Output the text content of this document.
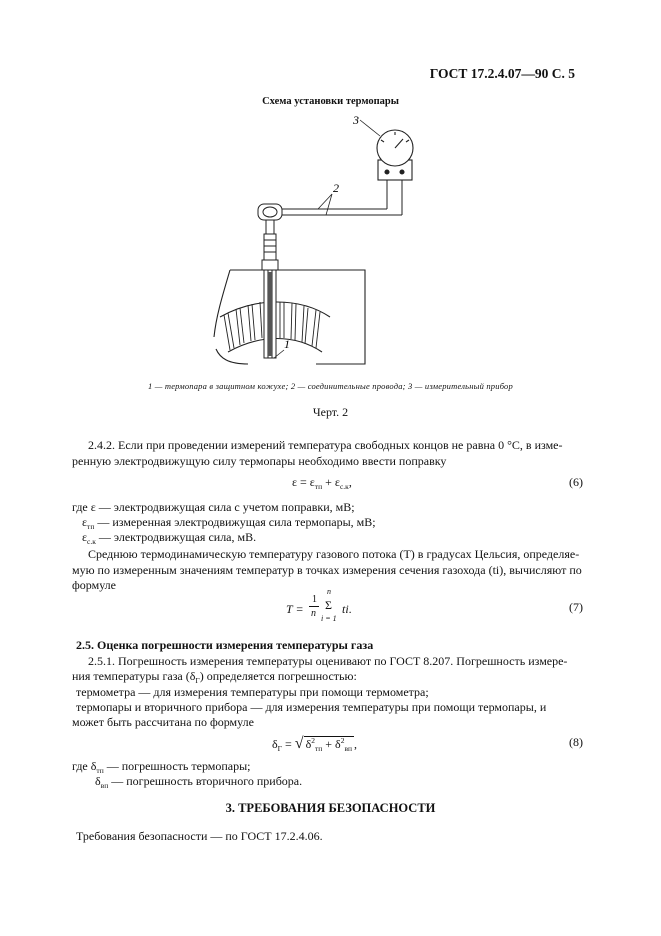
ГОСТ 17.2.4.07—90 С. 5
Схема установки термопары
3
2
1
1 — термопара в защитном кожухе; 2 — соединительные провода; 3 — измерительный прибор
Черт. 2
2.4.2. Если при проведении измерений температура свободных концов не равна 0 °С, в изме-
ренную электродвижущую силу термопары необходимо ввести поправку
$\varepsilon = \varepsilon_{тп} + \varepsilon_{с.к}$,	(6)
где ε — электродвижущая сила с учетом поправки, мВ;
$\varepsilon_{тп}$ — измеренная электродвижущая сила термопары, мВ;
$\varepsilon_{с.к}$ — электродвижущая сила, мВ.
Среднюю термодинамическую температуру газового потока (T) в градусах Цельсия, определяе-
мую по измеренным значениям температур в точках измерения сечения газохода (ti), вычисляют по
формуле
T =
1
n
n
Σ
i = 1
ti.	(7)
2.5. Оценка погрешности измерения температуры газа
2.5.1. Погрешность измерения температуры оценивают по ГОСТ 8.207. Погрешность измере-
ния температуры газа $(\delta_Г)$ определяется погрешностью:
термометра — для измерения температуры при помощи термометра;
термопары и вторичного прибора — для измерения температуры при помощи термопары, и
может быть рассчитана по формуле
$\delta_Г$ = √ $\delta^2_{тп} + \delta^2_{вп}$ ,	(8)
где $\delta_{тп}$ — погрешность термопары;
$\delta_{вп}$ — погрешность вторичного прибора.
3. ТРЕБОВАНИЯ БЕЗОПАСНОСТИ
Требования безопасности — по ГОСТ 17.2.4.06.
